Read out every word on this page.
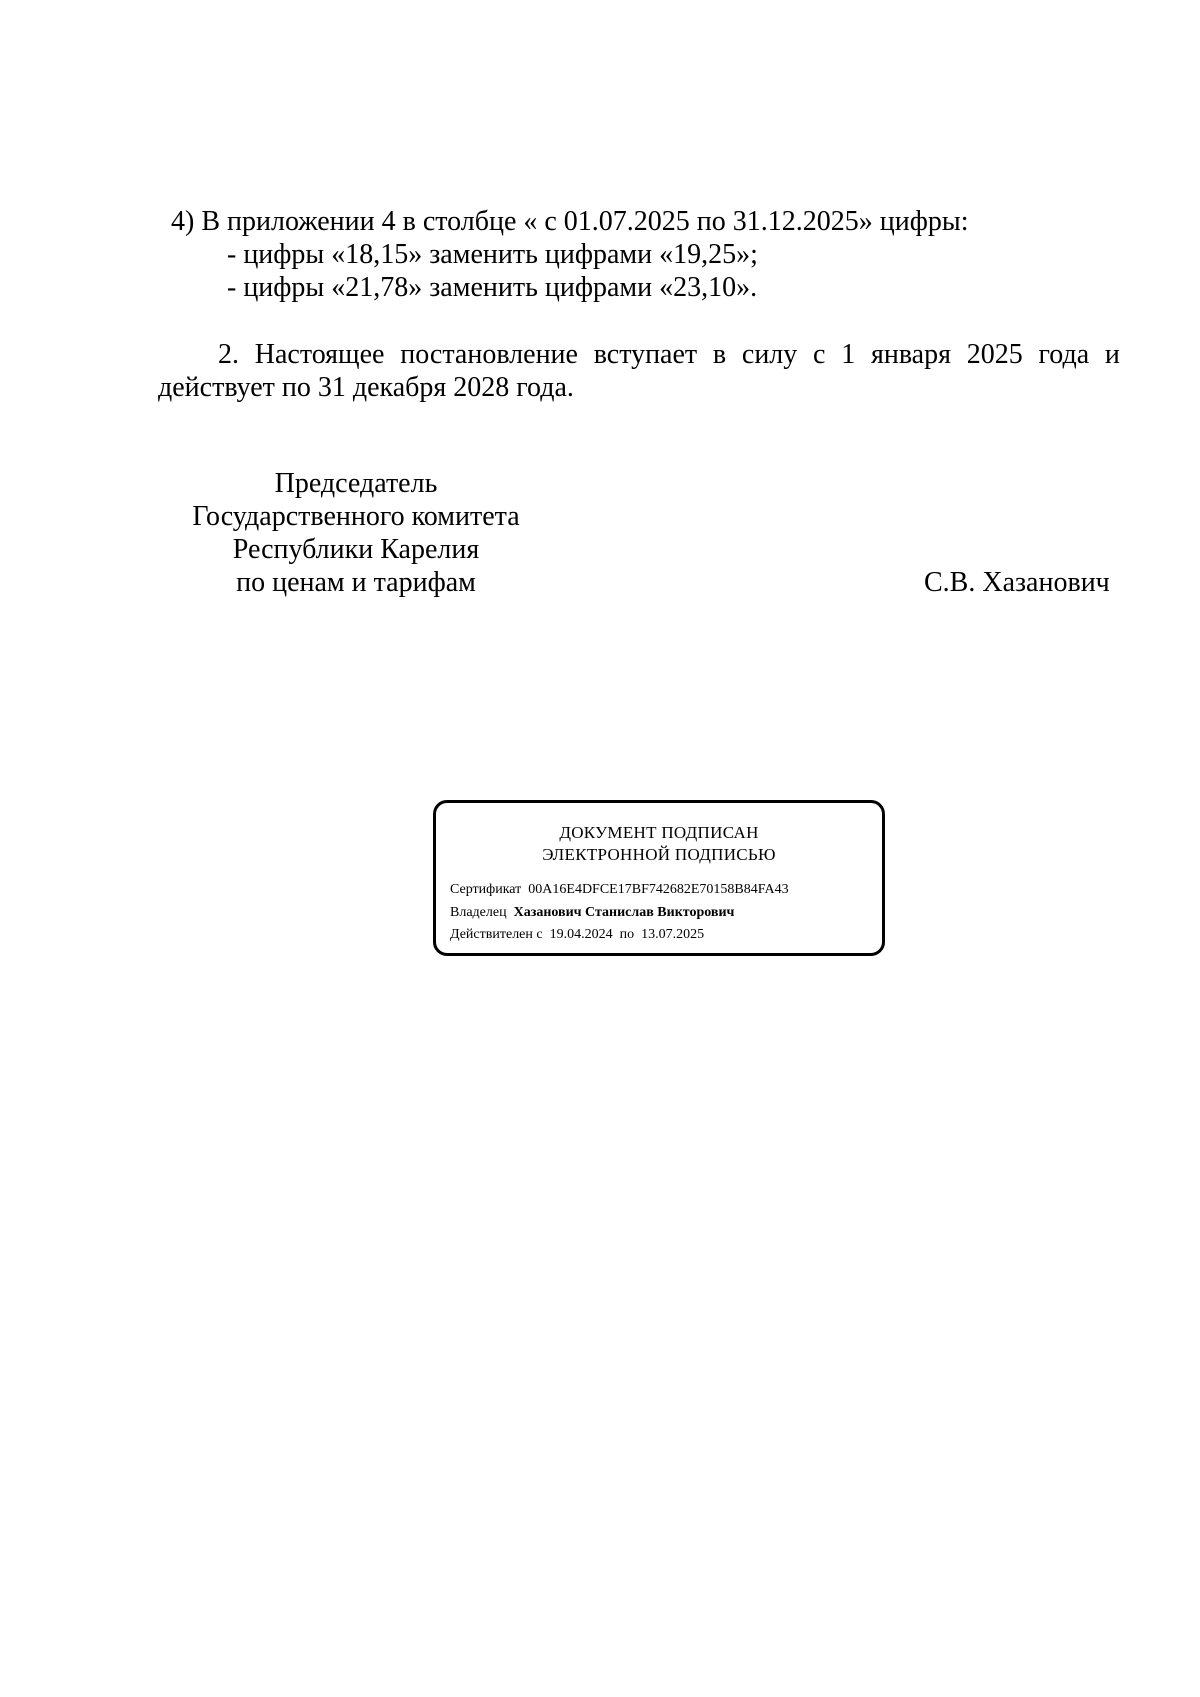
4) В приложении 4 в столбце « с 01.07.2025 по 31.12.2025» цифры:
- цифры «18,15» заменить цифрами «19,25»;
- цифры «21,78» заменить цифрами «23,10».
2. Настоящее постановление вступает в силу с 1 января 2025 года и
действует по 31 декабря 2028 года.
Председатель
Государственного комитета
Республики Карелия
по ценам и тарифам	С.В. Хазанович
ДОКУМЕНТ ПОДПИСАН
ЭЛЕКТРОННОЙ ПОДПИСЬЮ
Сертификат 00A16E4DFCE17BF742682E70158B84FA43
Владелец Хазанович Станислав Викторович
Действителен с 19.04.2024 по 13.07.2025
